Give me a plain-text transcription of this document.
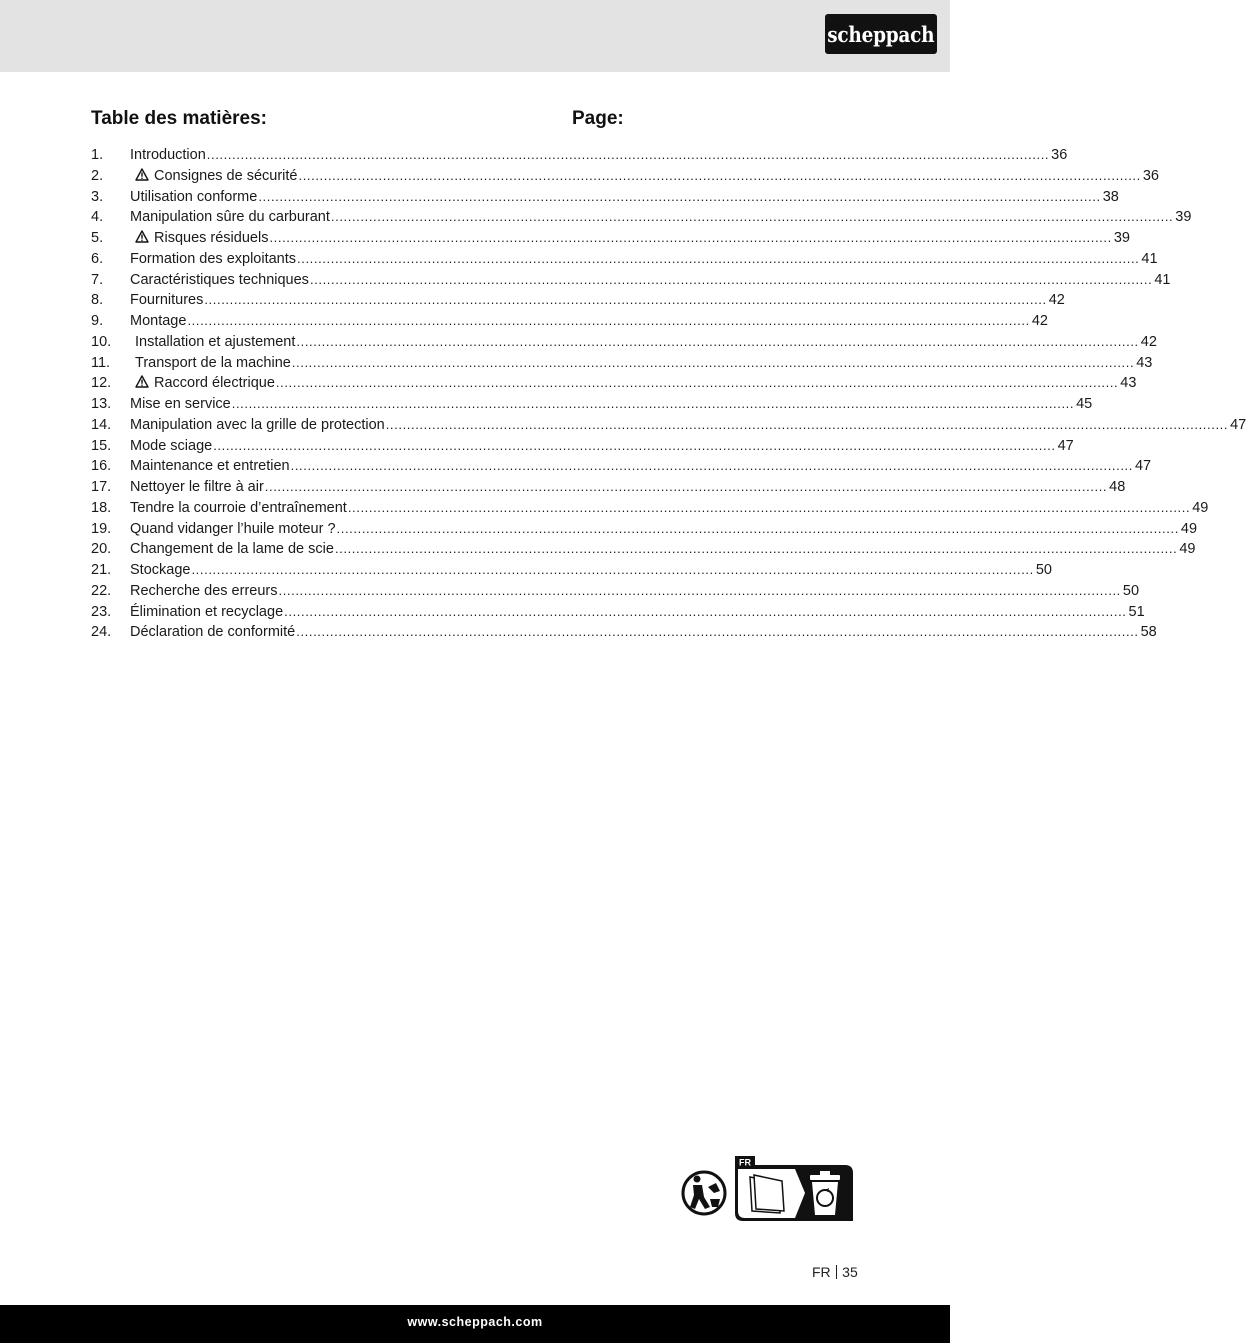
scheppach
Table des matières:	Page:
1.	Introduction ........................................................................................................................................................................................................ 36
2.	Consignes de sécurité ........................................................................................................................................................................................................ 36
3.	Utilisation conforme ........................................................................................................................................................................................................ 38
4.	Manipulation sûre du carburant ........................................................................................................................................................................................................ 39
5.	Risques résiduels ........................................................................................................................................................................................................ 39
6.	Formation des exploitants ........................................................................................................................................................................................................ 41
7.	Caractéristiques techniques ........................................................................................................................................................................................................ 41
8.	Fournitures ........................................................................................................................................................................................................ 42
9.	Montage ........................................................................................................................................................................................................ 42
10.	Installation et ajustement ........................................................................................................................................................................................................ 42
11.	Transport de la machine ........................................................................................................................................................................................................ 43
12.	Raccord électrique ........................................................................................................................................................................................................ 43
13.	Mise en service ........................................................................................................................................................................................................ 45
14.	Manipulation avec la grille de protection ........................................................................................................................................................................................................ 47
15.	Mode sciage ........................................................................................................................................................................................................ 47
16.	Maintenance et entretien ........................................................................................................................................................................................................ 47
17.	Nettoyer le filtre à air ........................................................................................................................................................................................................ 48
18.	Tendre la courroie d’entraînement ........................................................................................................................................................................................................ 49
19.	Quand vidanger l’huile moteur ? ........................................................................................................................................................................................................ 49
20.	Changement de la lame de scie ........................................................................................................................................................................................................ 49
21.	Stockage ........................................................................................................................................................................................................ 50
22.	Recherche des erreurs ........................................................................................................................................................................................................ 50
23.	Élimination et recyclage ........................................................................................................................................................................................................ 51
24.	Déclaration de conformité ........................................................................................................................................................................................................ 58
FR
FR 35
www.scheppach.com
